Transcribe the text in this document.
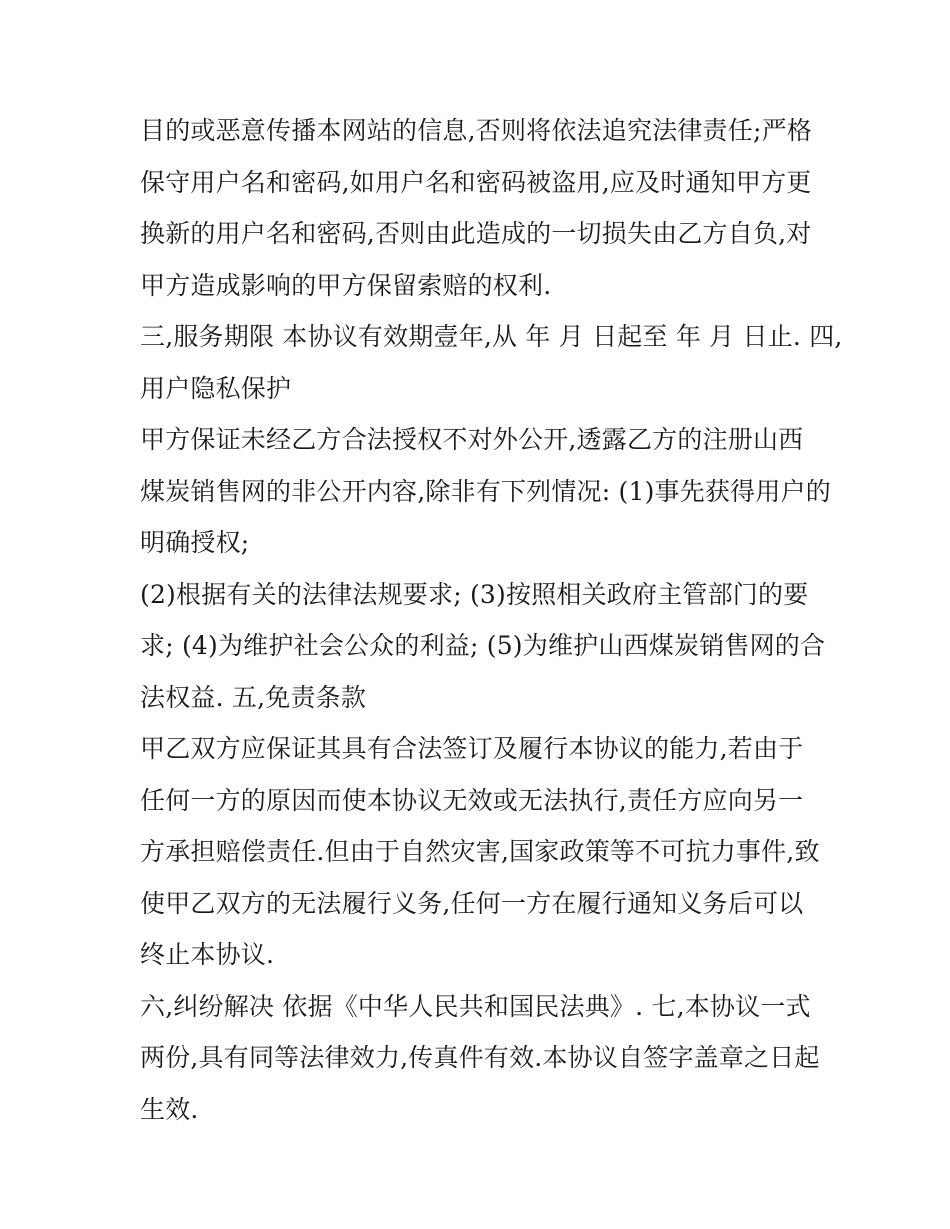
目的或恶意传播本网站的信息,否则将依法追究法律责任;严格
保守用户名和密码,如用户名和密码被盗用,应及时通知甲方更
换新的用户名和密码,否则由此造成的一切损失由乙方自负,对
甲方造成影响的甲方保留索赔的权利.
三,服务期限 本协议有效期壹年,从 年 月 日起至 年 月 日止. 四,
用户隐私保护
甲方保证未经乙方合法授权不对外公开,透露乙方的注册山西
煤炭销售网的非公开内容,除非有下列情况: (1)事先获得用户的
明确授权;
(2)根据有关的法律法规要求; (3)按照相关政府主管部门的要
求; (4)为维护社会公众的利益; (5)为维护山西煤炭销售网的合
法权益. 五,免责条款
甲乙双方应保证其具有合法签订及履行本协议的能力,若由于
任何一方的原因而使本协议无效或无法执行,责任方应向另一
方承担赔偿责任.但由于自然灾害,国家政策等不可抗力事件,致
使甲乙双方的无法履行义务,任何一方在履行通知义务后可以
终止本协议.
六,纠纷解决 依据《中华人民共和国民法典》. 七,本协议一式
两份,具有同等法律效力,传真件有效.本协议自签字盖章之日起
生效.
